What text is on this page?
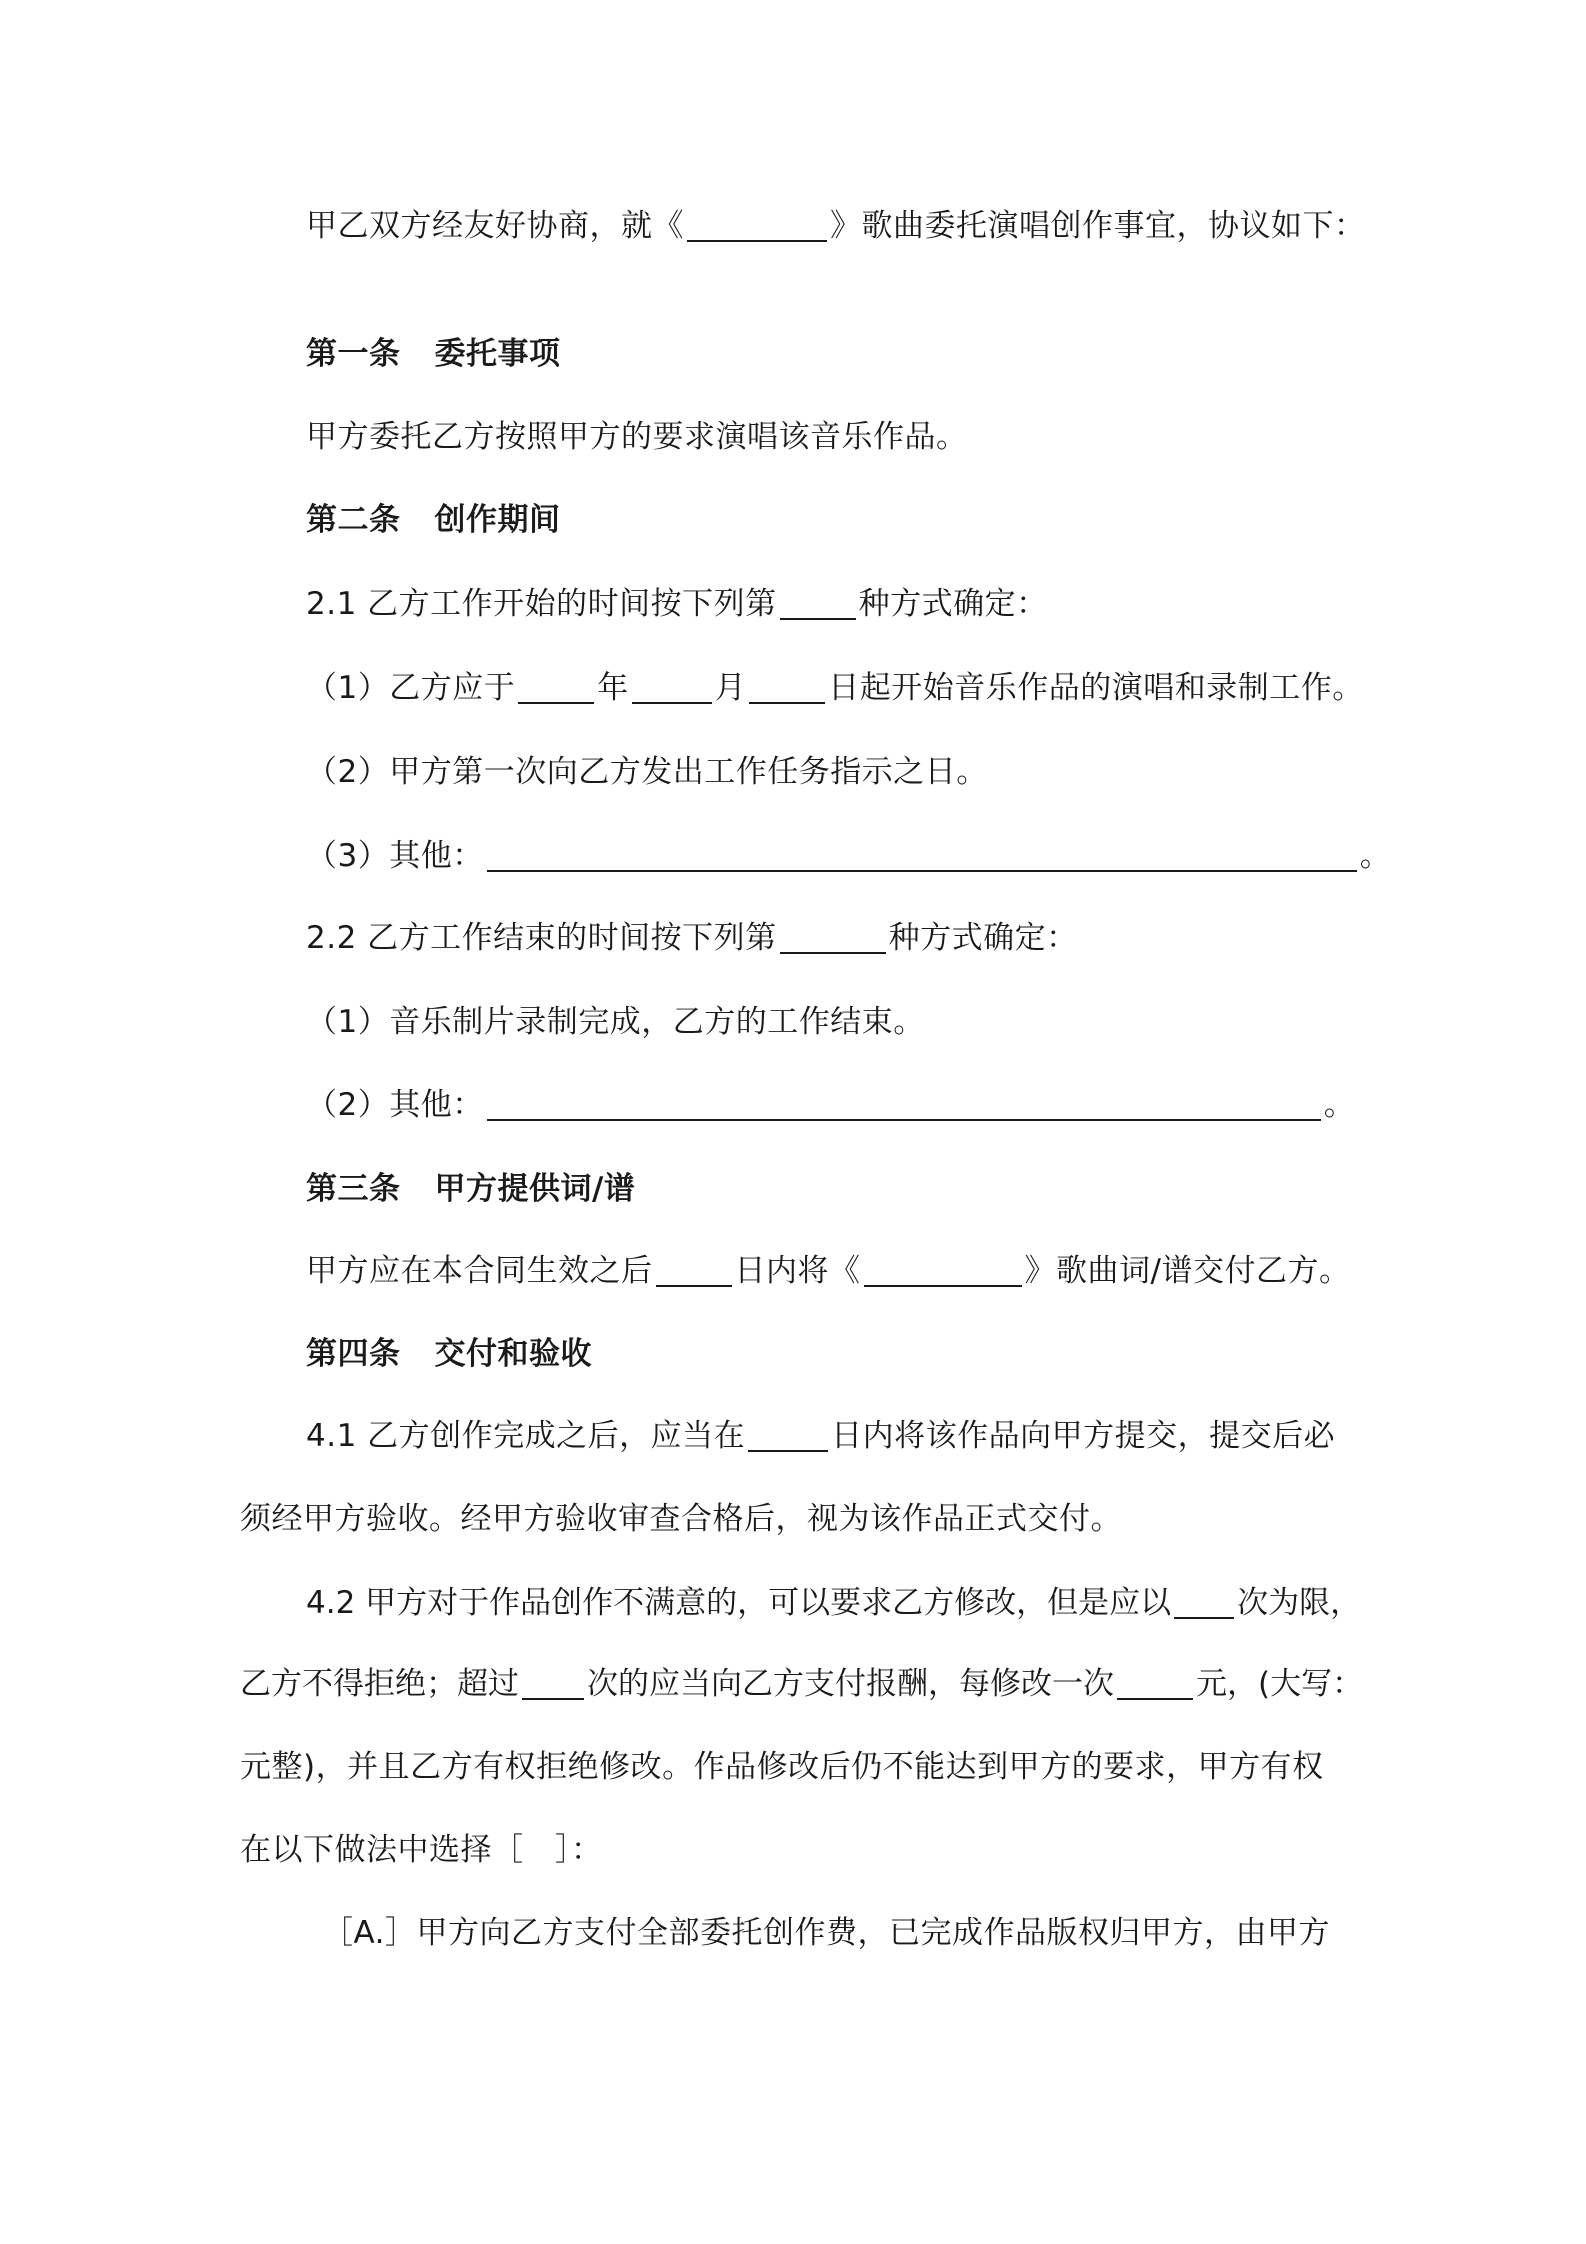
甲乙双方经友好协商，就《	》歌曲委托演唱创作事宜，协议如下：
第一条 委托事项
甲方委托乙方按照甲方的要求演唱该音乐作品。
第二条 创作期间
2.1 乙方工作开始的时间按下列第	种方式确定：
（1）乙方应于	年	月	日起开始音乐作品的演唱和录制工作。
（2）甲方第一次向乙方发出工作任务指示之日。
（3）其他：	。
2.2 乙方工作结束的时间按下列第	种方式确定：
（1）音乐制片录制完成，乙方的工作结束。
（2）其他：	。
第三条 甲方提供词/谱
甲方应在本合同生效之后	日内将《	》歌曲词/谱交付乙方。
第四条 交付和验收
4.1 乙方创作完成之后，应当在	日内将该作品向甲方提交，提交后必
须经甲方验收。经甲方验收审查合格后，视为该作品正式交付。
4.2 甲方对于作品创作不满意的，可以要求乙方修改，但是应以 次为限，
乙方不得拒绝；超过 次的应当向乙方支付报酬，每修改一次	元，(大写：
元整)，并且乙方有权拒绝修改。作品修改后仍不能达到甲方的要求，甲方有权
在以下做法中选择［　］：
［A.］甲方向乙方支付全部委托创作费，已完成作品版权归甲方，由甲方
